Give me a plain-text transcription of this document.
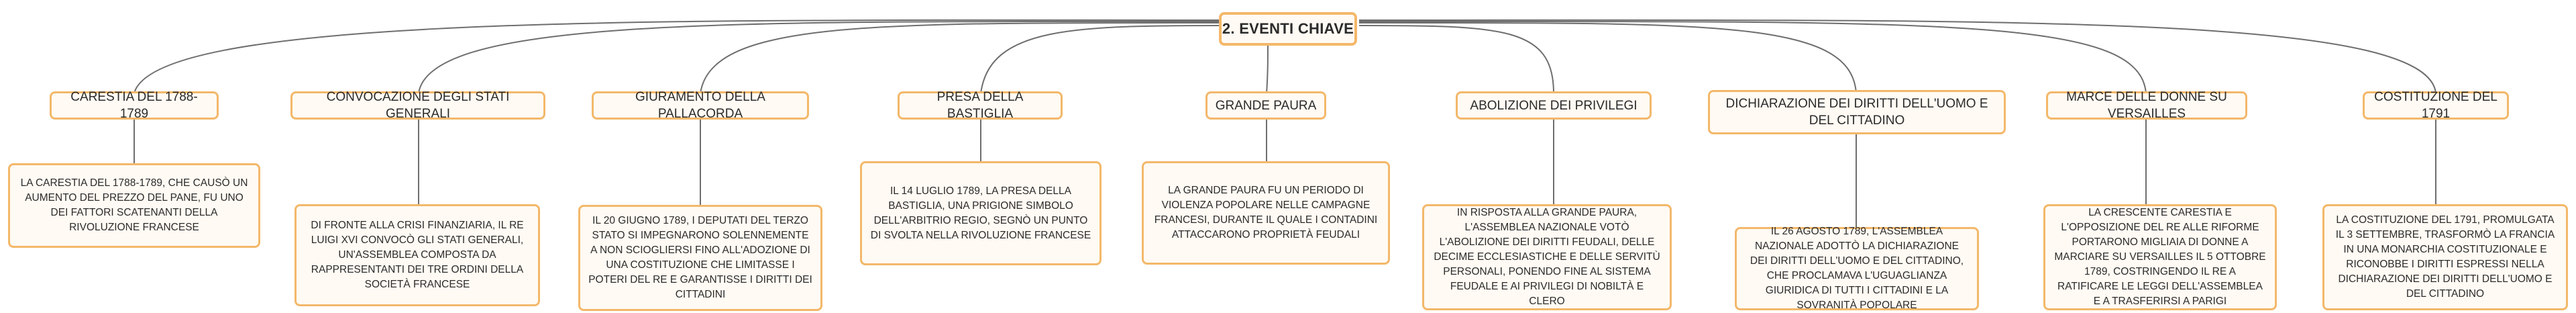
2. EVENTI CHIAVE
CARESTIA DEL 1788-1789
LA CARESTIA DEL 1788-1789, CHE CAUSÒ UN AUMENTO DEL PREZZO DEL PANE, FU UNO DEI FATTORI SCATENANTI DELLA RIVOLUZIONE FRANCESE
CONVOCAZIONE DEGLI STATI GENERALI
DI FRONTE ALLA CRISI FINANZIARIA, IL RE LUIGI XVI CONVOCÒ GLI STATI GENERALI, UN'ASSEMBLEA COMPOSTA DA RAPPRESENTANTI DEI TRE ORDINI DELLA SOCIETÀ FRANCESE
GIURAMENTO DELLA PALLACORDA
IL 20 GIUGNO 1789, I DEPUTATI DEL TERZO STATO SI IMPEGNARONO SOLENNEMENTE A NON SCIOGLIERSI FINO ALL'ADOZIONE DI UNA COSTITUZIONE CHE LIMITASSE I POTERI DEL RE E GARANTISSE I DIRITTI DEI CITTADINI
PRESA DELLA BASTIGLIA
IL 14 LUGLIO 1789, LA PRESA DELLA BASTIGLIA, UNA PRIGIONE SIMBOLO DELL'ARBITRIO REGIO, SEGNÒ UN PUNTO DI SVOLTA NELLA RIVOLUZIONE FRANCESE
GRANDE PAURA
LA GRANDE PAURA FU UN PERIODO DI VIOLENZA POPOLARE NELLE CAMPAGNE FRANCESI, DURANTE IL QUALE I CONTADINI ATTACCARONO PROPRIETÀ FEUDALI
ABOLIZIONE DEI PRIVILEGI
IN RISPOSTA ALLA GRANDE PAURA, L'ASSEMBLEA NAZIONALE VOTÒ L'ABOLIZIONE DEI DIRITTI FEUDALI, DELLE DECIME ECCLESIASTICHE E DELLE SERVITÙ PERSONALI, PONENDO FINE AL SISTEMA FEUDALE E AI PRIVILEGI DI NOBILTÀ E CLERO
DICHIARAZIONE DEI DIRITTI DELL'UOMO E DEL CITTADINO
IL 26 AGOSTO 1789, L'ASSEMBLEA NAZIONALE ADOTTÒ LA DICHIARAZIONE DEI DIRITTI DELL'UOMO E DEL CITTADINO, CHE PROCLAMAVA L'UGUAGLIANZA GIURIDICA DI TUTTI I CITTADINI E LA SOVRANITÀ POPOLARE
MARCE DELLE DONNE SU VERSAILLES
LA CRESCENTE CARESTIA E L'OPPOSIZIONE DEL RE ALLE RIFORME PORTARONO MIGLIAIA DI DONNE A MARCIARE SU VERSAILLES IL 5 OTTOBRE 1789, COSTRINGENDO IL RE A RATIFICARE LE LEGGI DELL'ASSEMBLEA E A TRASFERIRSI A PARIGI
COSTITUZIONE DEL 1791
LA COSTITUZIONE DEL 1791, PROMULGATA IL 3 SETTEMBRE, TRASFORMÒ LA FRANCIA IN UNA MONARCHIA COSTITUZIONALE E RICONOBBE I DIRITTI ESPRESSI NELLA DICHIARAZIONE DEI DIRITTI DELL'UOMO E DEL CITTADINO
